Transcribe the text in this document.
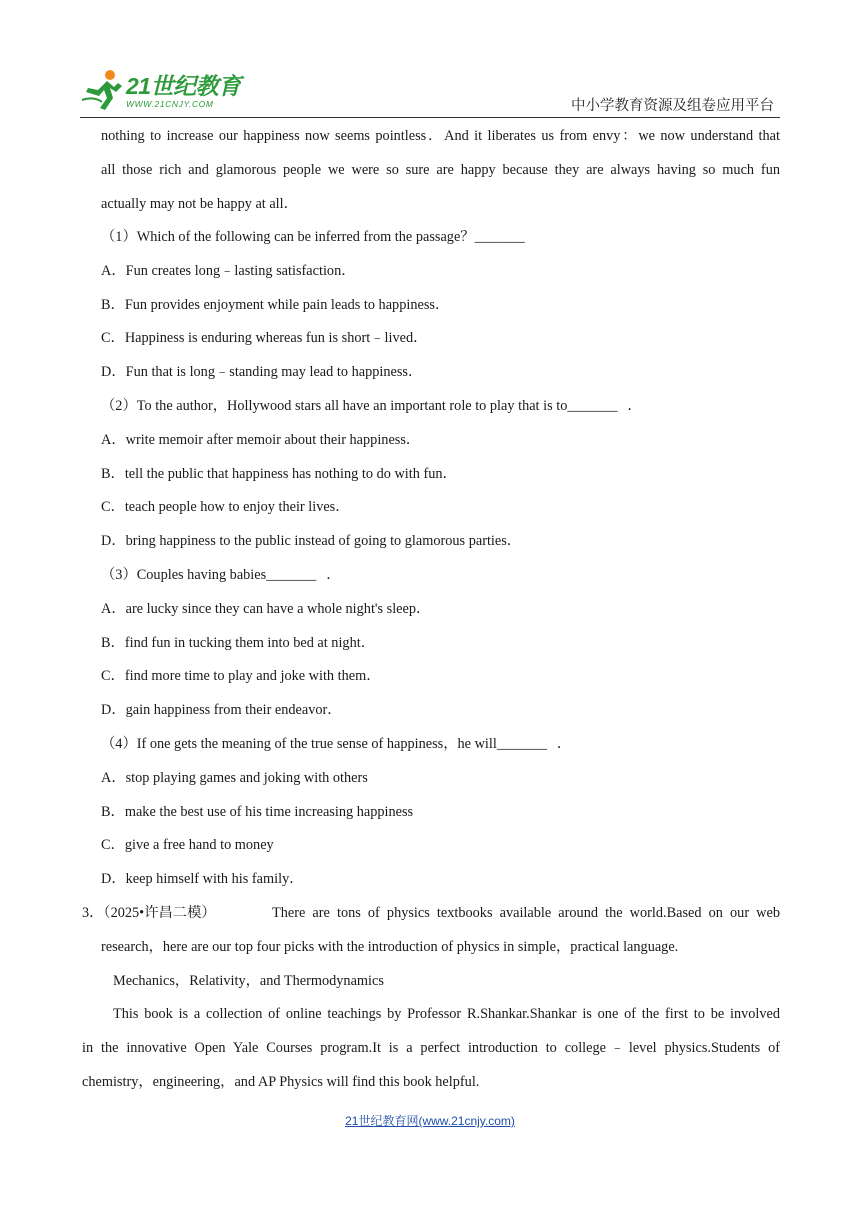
21世纪教育
WWW.21CNJY.COM	中小学教育资源及组卷应用平台
nothing to increase our happiness now seems pointless．And it liberates us from envy：we now understand that
all those rich and glamorous people we were so sure are happy because they are always having so much fun
actually may not be happy at all．
（1）Which of the following can be inferred from the passage？_______
A．Fun creates long﹣lasting satisfaction．
B．Fun provides enjoyment while pain leads to happiness．
C．Happiness is enduring whereas fun is short﹣lived．
D．Fun that is long﹣standing may lead to happiness．
（2）To the author，Hollywood stars all have an important role to play that is to_______ ．
A．write memoir after memoir about their happiness．
B．tell the public that happiness has nothing to do with fun．
C．teach people how to enjoy their lives．
D．bring happiness to the public instead of going to glamorous parties．
（3）Couples having babies_______ ．
A．are lucky since they can have a whole night's sleep．
B．find fun in tucking them into bed at night．
C．find more time to play and joke with them．
D．gain happiness from their endeavor．
（4）If one gets the meaning of the true sense of happiness，he will_______ ．
A．stop playing games and joking with others
B．make the best use of his time increasing happiness
C．give a free hand to money
D．keep himself with his family．
3．（2025•许昌二模）	There are tons of physics textbooks available around the world.Based on our web
research，here are our top four picks with the introduction of physics in simple，practical language.
Mechanics，Relativity，and Thermodynamics
This book is a collection of online teachings by Professor R.Shankar.Shankar is one of the first to be involved
in the innovative Open Yale Courses program.It is a perfect introduction to college﹣level physics.Students of
chemistry，engineering，and AP Physics will find this book helpful.
21世纪教育网(www.21cnjy.com)
